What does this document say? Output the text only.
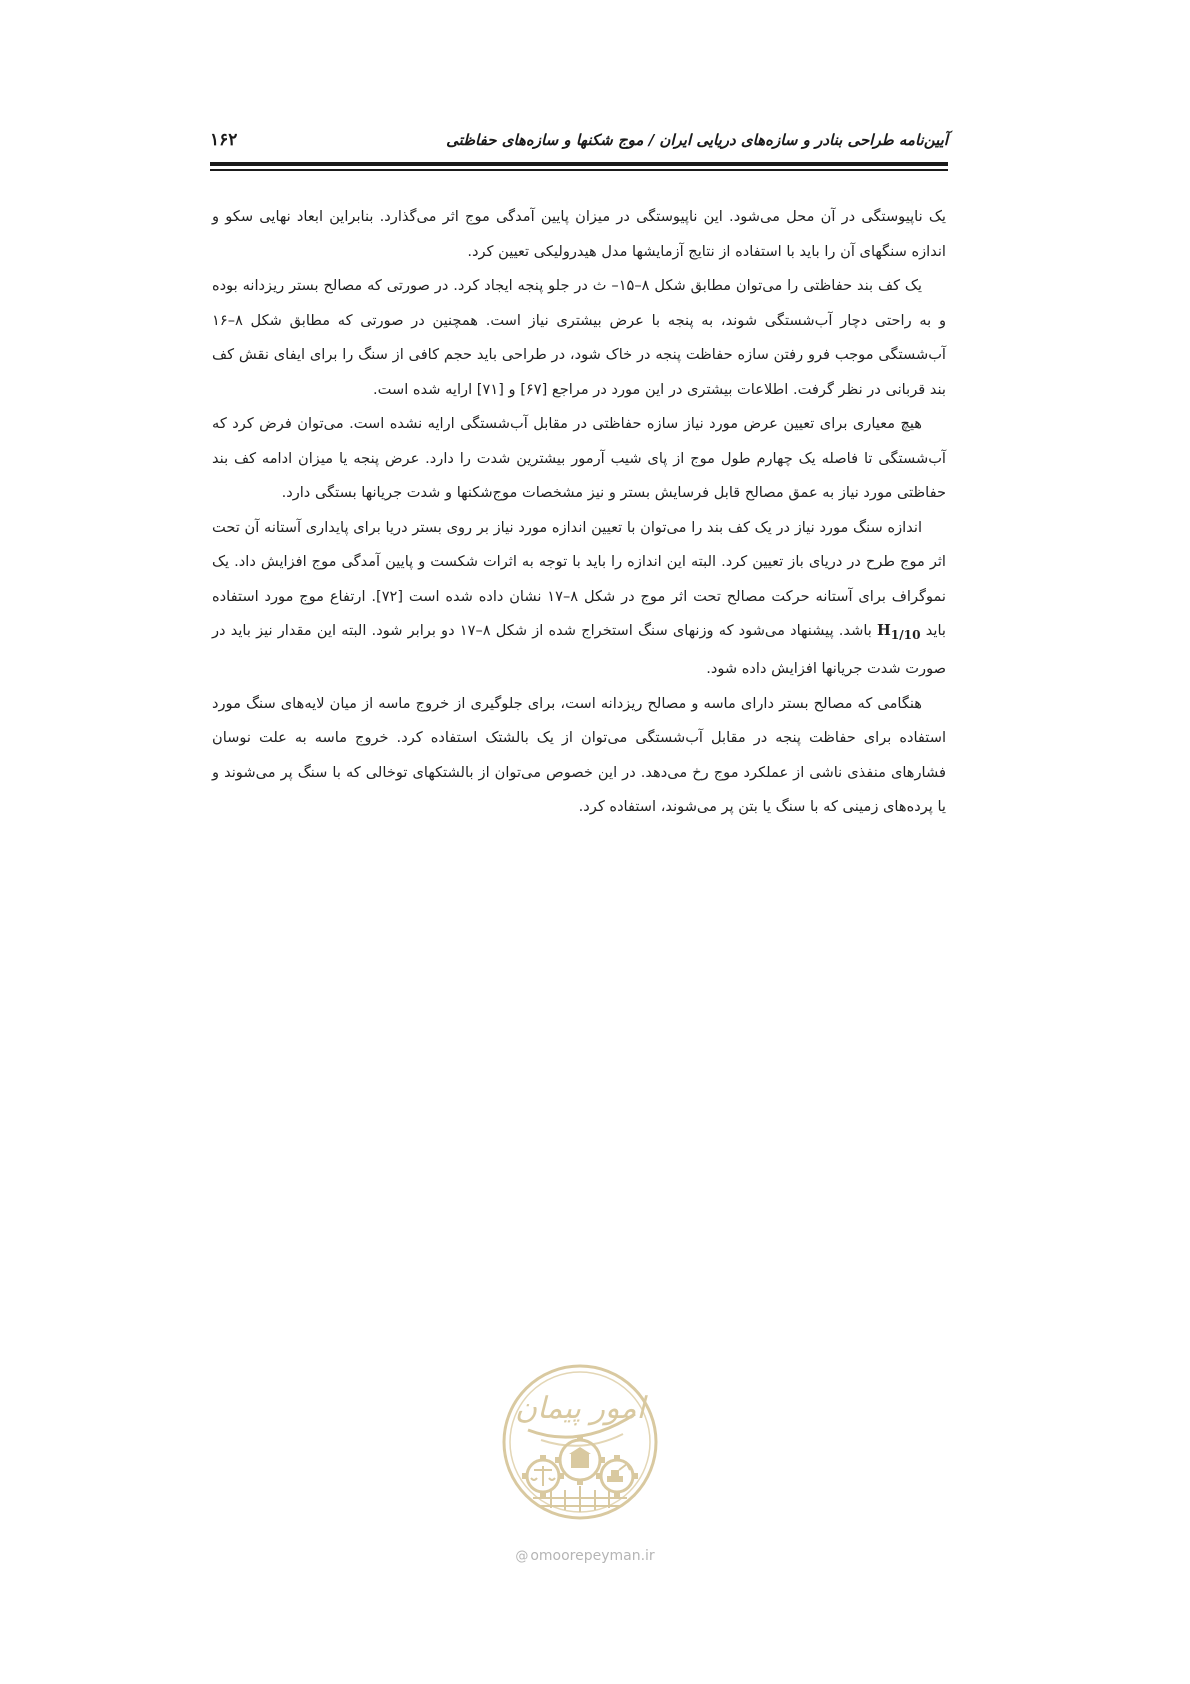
آیین‌نامه طراحی بنادر و سازه‌های دریایی ایران / موج شکنها و سازه‌های حفاظتی
۱۶۲

یک ناپیوستگی در آن محل می‌شود. این ناپیوستگی در میزان پایین آمدگی موج اثر می‌گذارد. بنابراین ابعاد نهایی سکو و اندازه سنگهای آن را باید با استفاده از نتایج آزمایشها مدل هیدرولیکی تعیین کرد.

یک کف بند حفاظتی را می‌توان مطابق شکل ۸–۱۵– ث در جلو پنجه ایجاد کرد. در صورتی که مصالح بستر ریزدانه بوده و به راحتی دچار آب‌شستگی شوند، به پنجه با عرض بیشتری نیاز است. همچنین در صورتی که مطابق شکل ۸–۱۶ آب‌شستگی موجب فرو رفتن سازه حفاظت پنجه در خاک شود، در طراحی باید حجم کافی از سنگ را برای ایفای نقش کف بند قربانی در نظر گرفت. اطلاعات بیشتری در این مورد در مراجع [۶۷] و [۷۱] ارایه شده است.

هیچ معیاری برای تعیین عرض مورد نیاز سازه حفاظتی در مقابل آب‌شستگی ارایه نشده است. می‌توان فرض کرد که آب‌شستگی تا فاصله یک چهارم طول موج از پای شیب آرمور بیشترین شدت را دارد. عرض پنجه یا میزان ادامه کف بند حفاظتی مورد نیاز به عمق مصالح قابل فرسایش بستر و نیز مشخصات موج‌شکنها و شدت جریانها بستگی دارد.

اندازه سنگ مورد نیاز در یک کف بند را می‌توان با تعیین اندازه مورد نیاز بر روی بستر دریا برای پایداری آستانه آن تحت اثر موج طرح در دریای باز تعیین کرد. البته این اندازه را باید با توجه به اثرات شکست و پایین آمدگی موج افزایش داد. یک نموگراف برای آستانه حرکت مصالح تحت اثر موج در شکل ۸–۱۷ نشان داده شده است [۷۲]. ارتفاع موج مورد استفاده باید $H_{1/10}$ باشد. پیشنهاد می‌شود که وزنهای سنگ استخراج شده از شکل ۸–۱۷ دو برابر شود. البته این مقدار نیز باید در صورت شدت جریانها افزایش داده شود.

هنگامی که مصالح بستر دارای ماسه و مصالح ریزدانه است، برای جلوگیری از خروج ماسه از میان لایه‌های سنگ مورد استفاده برای حفاظت پنجه در مقابل آب‌شستگی می‌توان از یک بالشتک استفاده کرد. خروج ماسه به علت نوسان فشارهای منفذی ناشی از عملکرد موج رخ می‌دهد. در این خصوص می‌توان از بالشتکهای توخالی که با سنگ پر می‌شوند و یا پرده‌های زمینی که با سنگ یا بتن پر می‌شوند، استفاده کرد.

امور پیمان
@ omoorepeyman.ir
